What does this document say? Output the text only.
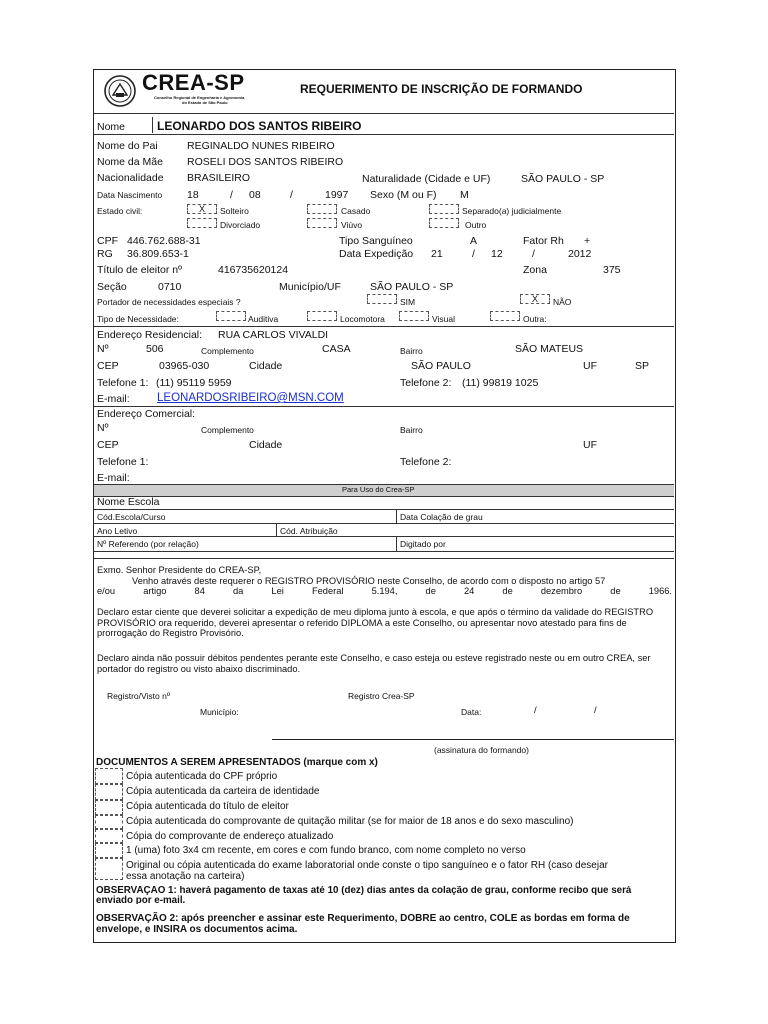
CREA-SP
Conselho Regional de Engenharia e Agronomia
do Estado de São Paulo
REQUERIMENTO DE INSCRIÇÃO DE FORMANDO
Nome	LEONARDO DOS SANTOS RIBEIRO
Nome do Pai	REGINALDO NUNES RIBEIRO
Nome da Mãe ROSELI DOS SANTOS RIBEIRO
Nacionalidade BRASILEIRO	Naturalidade (Cidade e UF)	SÃO PAULO - SP
Data Nascimento 18	/ 08	/	1997 Sexo (M ou F) M
Estado civil:	X	Solteiro	Casado	Separado(a) judicialmente
Divorciado	Viúvo	Outro
CPF 446.762.688-31	Tipo Sanguíneo	A	Fator Rh +
RG 36.809.653-1	Data Expedição 21	/ 12	/	2012
Título de eleitor nº	416735620124	Zona	375
Seção	0710	Município/UF	SÃO PAULO - SP
Portador de necessidades especiais ?	SIM	X	NÃO
Tipo de Necessidade:	Auditiva	Locomotora	Visual	Outra:
Endereço Residencial: RUA CARLOS VIVALDI
Nº	506	Complemento	CASA	Bairro	SÃO MATEUS
CEP	03965-030	Cidade	SÃO PAULO	UF	SP
Telefone 1: (11) 95119 5959	Telefone 2: (11) 99819 1025
E-mail: LEONARDOSRIBEIRO@MSN.COM
Endereço Comercial:
Nº	Complemento	Bairro
CEP	Cidade	UF
Telefone 1:	Telefone 2:
E-mail:
Para Uso do Crea-SP
Nome Escola
Cód.Escola/Curso	Data Colação de grau
Ano Letivo	Cód. Atribuição
Nº Referendo (por relação)	Digitado por
Exmo. Senhor Presidente do CREA-SP,
Venho através deste requerer o REGISTRO PROVISÓRIO neste Conselho, de acordo com o disposto no artigo 57
e/ou artigo 84 da Lei Federal 5.194, de 24 de dezembro de 1966.
Declaro estar ciente que deverei solicitar a expedição de meu diploma junto à escola, e que após o término da validade do REGISTRO PROVISÓRIO ora requerido, deverei apresentar o referido DIPLOMA a este Conselho, ou apresentar novo atestado para fins de prorrogação do Registro Provisório.
Declaro ainda não possuir débitos pendentes perante este Conselho, e caso esteja ou esteve registrado neste ou em outro CREA, ser portador do registro ou visto abaixo discriminado.
Registro/Visto nº	Registro Crea-SP
Município:	Data:	/	/
(assinatura do formando)
DOCUMENTOS A SEREM APRESENTADOS (marque com x)
Cópia autenticada do CPF próprio
Cópia autenticada da carteira de identidade
Cópia autenticada do título de eleitor
Cópia autenticada do comprovante de quitação militar (se for maior de 18 anos e do sexo masculino)
Cópia do comprovante de endereço atualizado
1 (uma) foto 3x4 cm recente, em cores e com fundo branco, com nome completo no verso
Original ou cópia autenticada do exame laboratorial onde conste o tipo sanguíneo e o fator RH (caso desejar
essa anotação na carteira)
OBSERVAÇÃO 1: haverá pagamento de taxas até 10 (dez) dias antes da colação de grau, conforme recibo que será enviado por e-mail.
OBSERVAÇÃO 2: após preencher e assinar este Requerimento, DOBRE ao centro, COLE as bordas em forma de envelope, e INSIRA os documentos acima.
